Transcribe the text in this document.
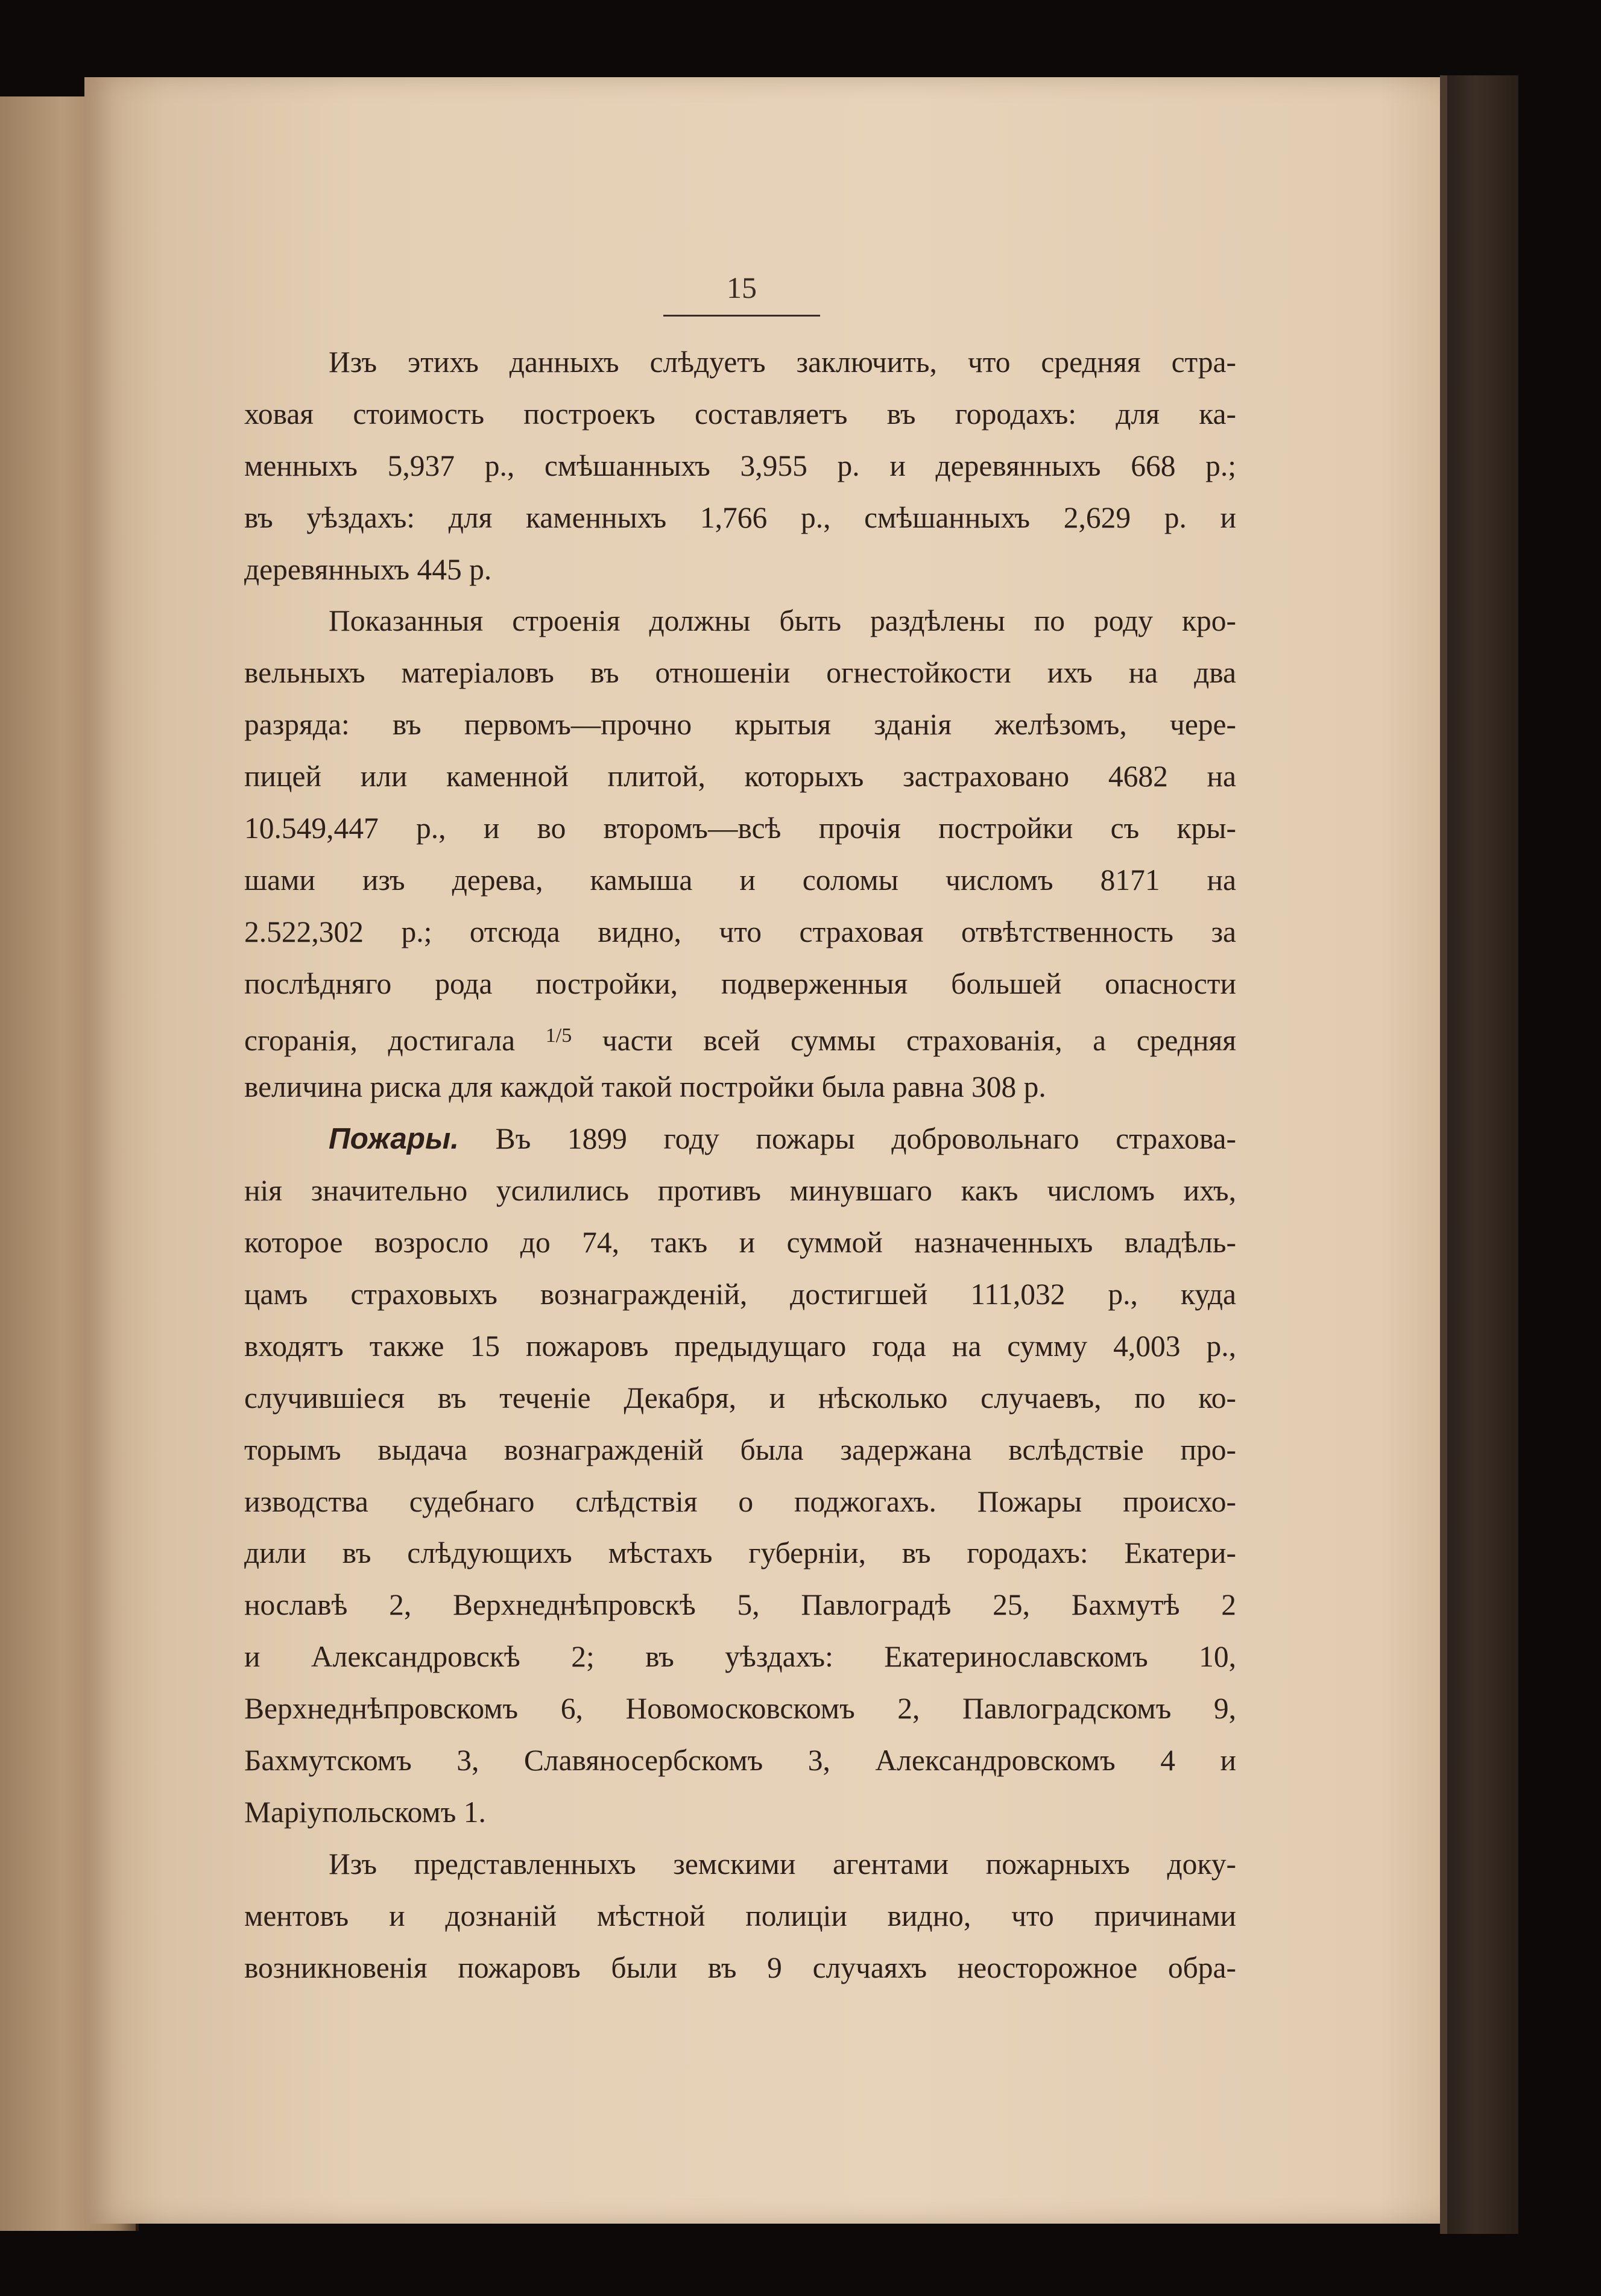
15
Изъ этихъ данныхъ слѣдуетъ заключить, что средняя стра-
ховая стоимость построекъ составляетъ въ городахъ: для ка-
менныхъ 5,937 р., смѣшанныхъ 3,955 р. и деревянныхъ 668 р.;
въ уѣздахъ: для каменныхъ 1,766 р., смѣшанныхъ 2,629 р. и
деревянныхъ 445 р.
Показанныя строенія должны быть раздѣлены по роду кро-
вельныхъ матеріаловъ въ отношеніи огнестойкости ихъ на два
разряда: въ первомъ—прочно крытыя зданія желѣзомъ, чере-
пицей или каменной плитой, которыхъ застраховано 4682 на
10.549,447 р., и во второмъ—всѣ прочія постройки съ кры-
шами изъ дерева, камыша и соломы числомъ 8171 на
2.522,302 р.; отсюда видно, что страховая отвѣтственность за
послѣдняго рода постройки, подверженныя большей опасности
сгоранія, достигала $^{1/5}$ части всей суммы страхованія, а средняя
величина риска для каждой такой постройки была равна 308 р.
Пожары. Въ 1899 году пожары добровольнаго страхова-
нія значительно усилились противъ минувшаго какъ числомъ ихъ,
которое возросло до 74, такъ и суммой назначенныхъ владѣль-
цамъ страховыхъ вознагражденій, достигшей 111,032 р., куда
входятъ также 15 пожаровъ предыдущаго года на сумму 4,003 р.,
случившіеся въ теченіе Декабря, и нѣсколько случаевъ, по ко-
торымъ выдача вознагражденій была задержана вслѣдствіе про-
изводства судебнаго слѣдствія о поджогахъ. Пожары происхо-
дили въ слѣдующихъ мѣстахъ губерніи, въ городахъ: Екатери-
нославѣ 2, Верхнеднѣпровскѣ 5, Павлоградѣ 25, Бахмутѣ 2
и Александровскѣ 2; въ уѣздахъ: Екатеринославскомъ 10,
Верхнеднѣпровскомъ 6, Новомосковскомъ 2, Павлоградскомъ 9,
Бахмутскомъ 3, Славяносербскомъ 3, Александровскомъ 4 и
Маріупольскомъ 1.
Изъ представленныхъ земскими агентами пожарныхъ доку-
ментовъ и дознаній мѣстной полиціи видно, что причинами
возникновенія пожаровъ были въ 9 случаяхъ неосторожное обра-
